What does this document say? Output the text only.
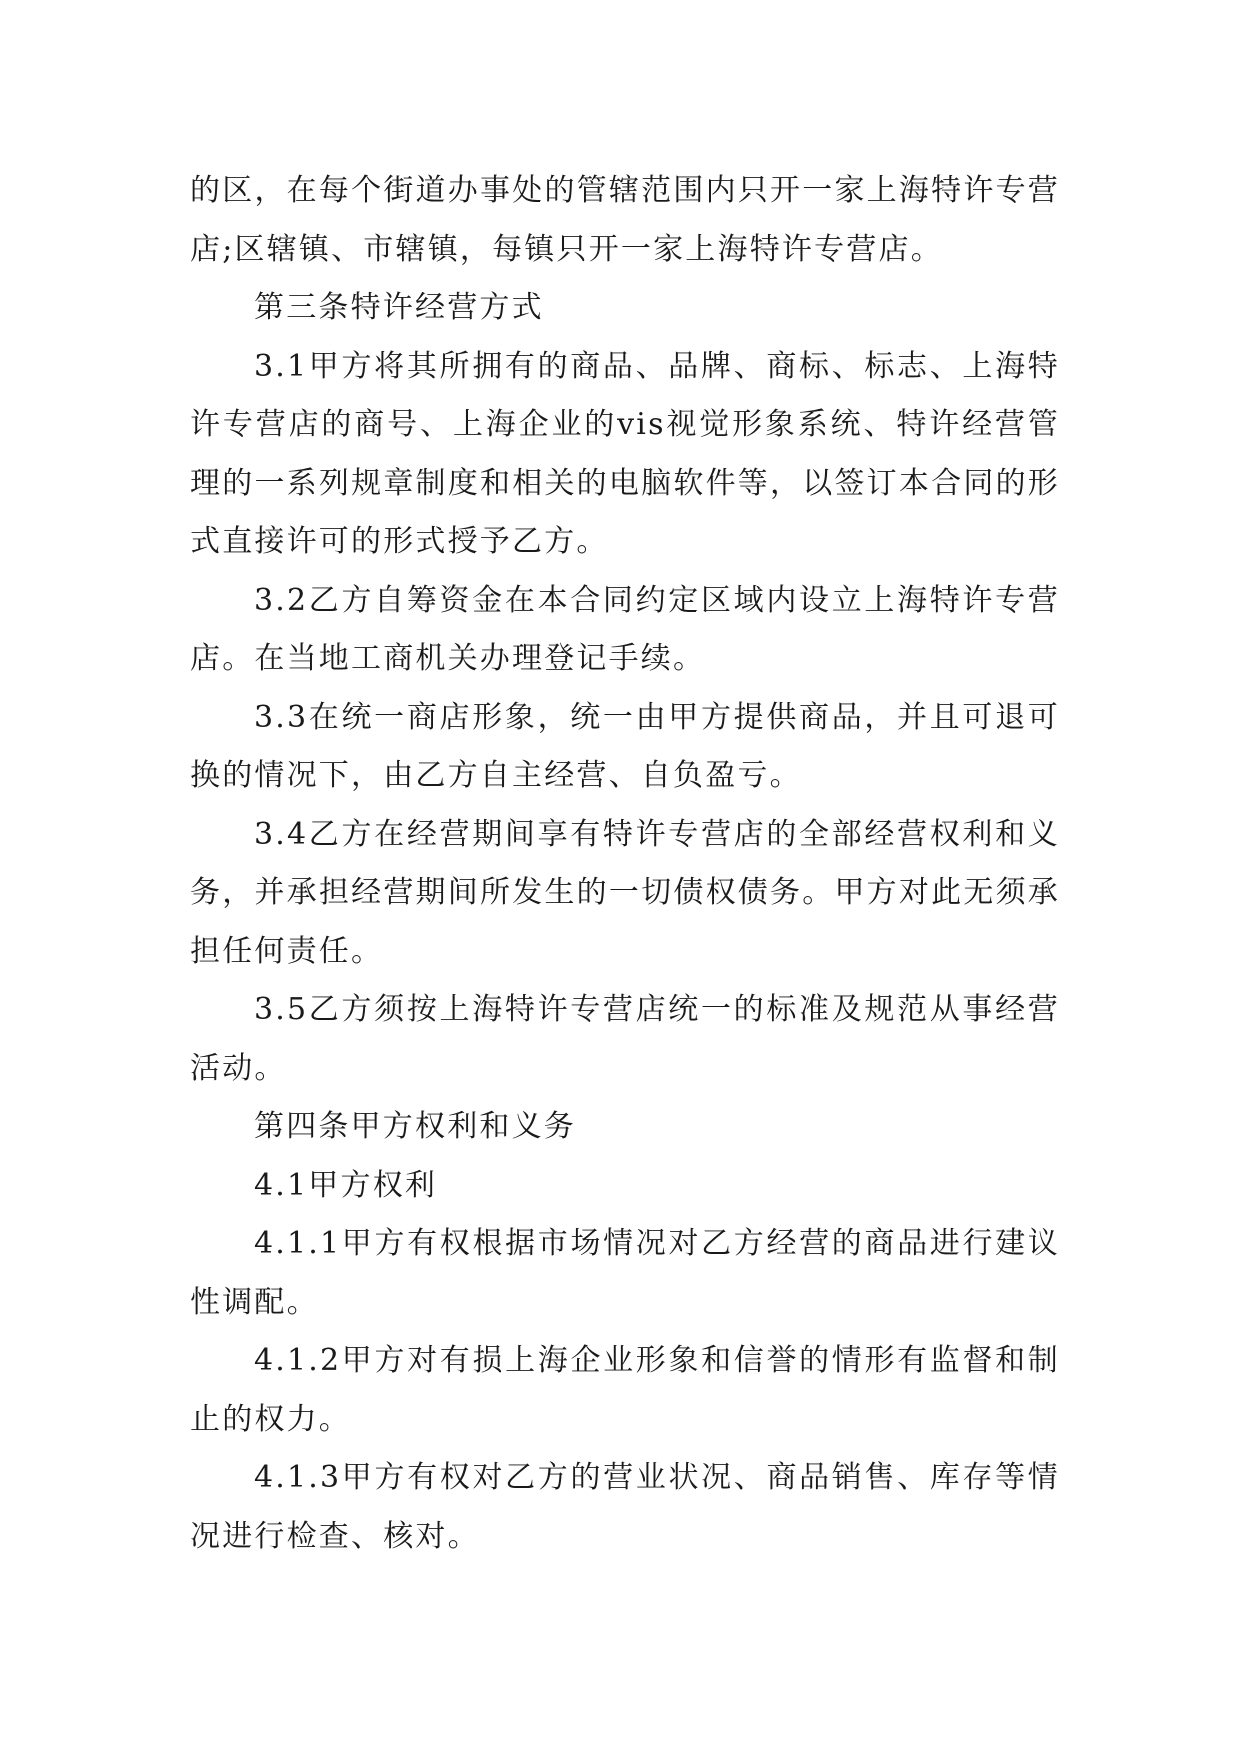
的区，在每个街道办事处的管辖范围内只开一家上海特许专营店;区辖镇、市辖镇，每镇只开一家上海特许专营店。

第三条特许经营方式

3.1甲方将其所拥有的商品、品牌、商标、标志、上海特许专营店的商号、上海企业的vis视觉形象系统、特许经营管理的一系列规章制度和相关的电脑软件等，以签订本合同的形式直接许可的形式授予乙方。

3.2乙方自筹资金在本合同约定区域内设立上海特许专营店。在当地工商机关办理登记手续。

3.3在统一商店形象，统一由甲方提供商品，并且可退可换的情况下，由乙方自主经营、自负盈亏。

3.4乙方在经营期间享有特许专营店的全部经营权利和义务，并承担经营期间所发生的一切债权债务。甲方对此无须承担任何责任。

3.5乙方须按上海特许专营店统一的标准及规范从事经营活动。

第四条甲方权利和义务

4.1甲方权利

4.1.1甲方有权根据市场情况对乙方经营的商品进行建议性调配。

4.1.2甲方对有损上海企业形象和信誉的情形有监督和制止的权力。

4.1.3甲方有权对乙方的营业状况、商品销售、库存等情况进行检查、核对。
